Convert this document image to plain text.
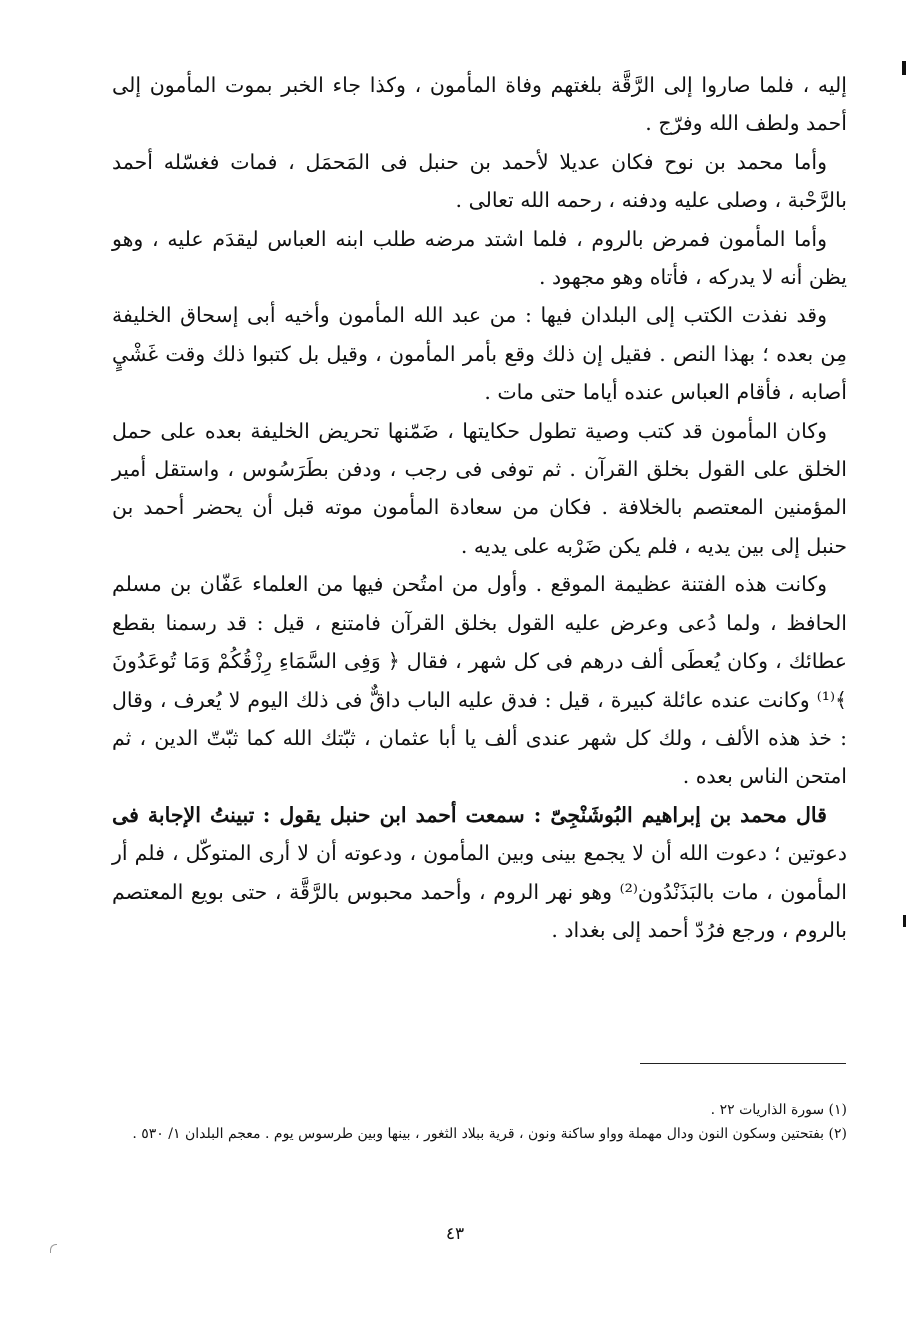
إليه ، فلما صاروا إلى الرَّقَّة بلغتهم وفاة المأمون ، وكذا جاء الخبر بموت المأمون إلى أحمد ولطف الله وفرّج .

وأما محمد بن نوح فكان عديلا لأحمد بن حنبل فى المَحمَل ، فمات فغسّله أحمد بالرَّحْبة ، وصلى عليه ودفنه ، رحمه الله تعالى .

وأما المأمون فمرض بالروم ، فلما اشتد مرضه طلب ابنه العباس ليقدَم عليه ، وهو يظن أنه لا يدركه ، فأتاه وهو مجهود .

وقد نفذت الكتب إلى البلدان فيها : من عبد الله المأمون وأخيه أبى إسحاق الخليفة مِن بعده ؛ بهذا النص . فقيل إن ذلك وقع بأمر المأمون ، وقيل بل كتبوا ذلك وقت غَشْيٍ أصابه ، فأقام العباس عنده أياما حتى مات .

وكان المأمون قد كتب وصية تطول حكايتها ، ضَمّنها تحريض الخليفة بعده على حمل الخلق على القول بخلق القرآن . ثم توفى فى رجب ، ودفن بطَرَسُوس ، واستقل أمير المؤمنين المعتصم بالخلافة . فكان من سعادة المأمون موته قبل أن يحضر أحمد بن حنبل إلى بين يديه ، فلم يكن ضَرْبه على يديه .

وكانت هذه الفتنة عظيمة الموقع . وأول من امتُحن فيها من العلماء عَفّان بن مسلم الحافظ ، ولما دُعى وعرض عليه القول بخلق القرآن فامتنع ، قيل : قد رسمنا بقطع عطائك ، وكان يُعطَى ألف درهم فى كل شهر ، فقال ﴿ وَفِى السَّمَاءِ رِزْقُكُمْ وَمَا تُوعَدُونَ ﴾⁽¹⁾ وكانت عنده عائلة كبيرة ، قيل : فدق عليه الباب داقٌّ فى ذلك اليوم لا يُعرف ، وقال : خذ هذه الألف ، ولك كل شهر عندى ألف يا أبا عثمان ، ثبّتك الله كما ثبّتّ الدين ، ثم امتحن الناس بعده .

قال محمد بن إبراهيم البُوشَنْجِىّ : سمعت أحمد ابن حنبل يقول : تبينتُ الإجابة فى دعوتين ؛ دعوت الله أن لا يجمع بينى وبين المأمون ، ودعوته أن لا أرى المتوكّل ، فلم أر المأمون ، مات بالبَذَنْدُون⁽²⁾ وهو نهر الروم ، وأحمد محبوس بالرَّقَّة ، حتى بويع المعتصم بالروم ، ورجع فرُدّ أحمد إلى بغداد .

(١) سورة الذاريات ٢٢ .

(٢) بفتحتين وسكون النون ودال مهملة وواو ساكنة ونون ، قرية ببلاد الثغور ، بينها وبين طرسوس يوم . معجم البلدان ١/ ٥٣٠ .

٤٣
